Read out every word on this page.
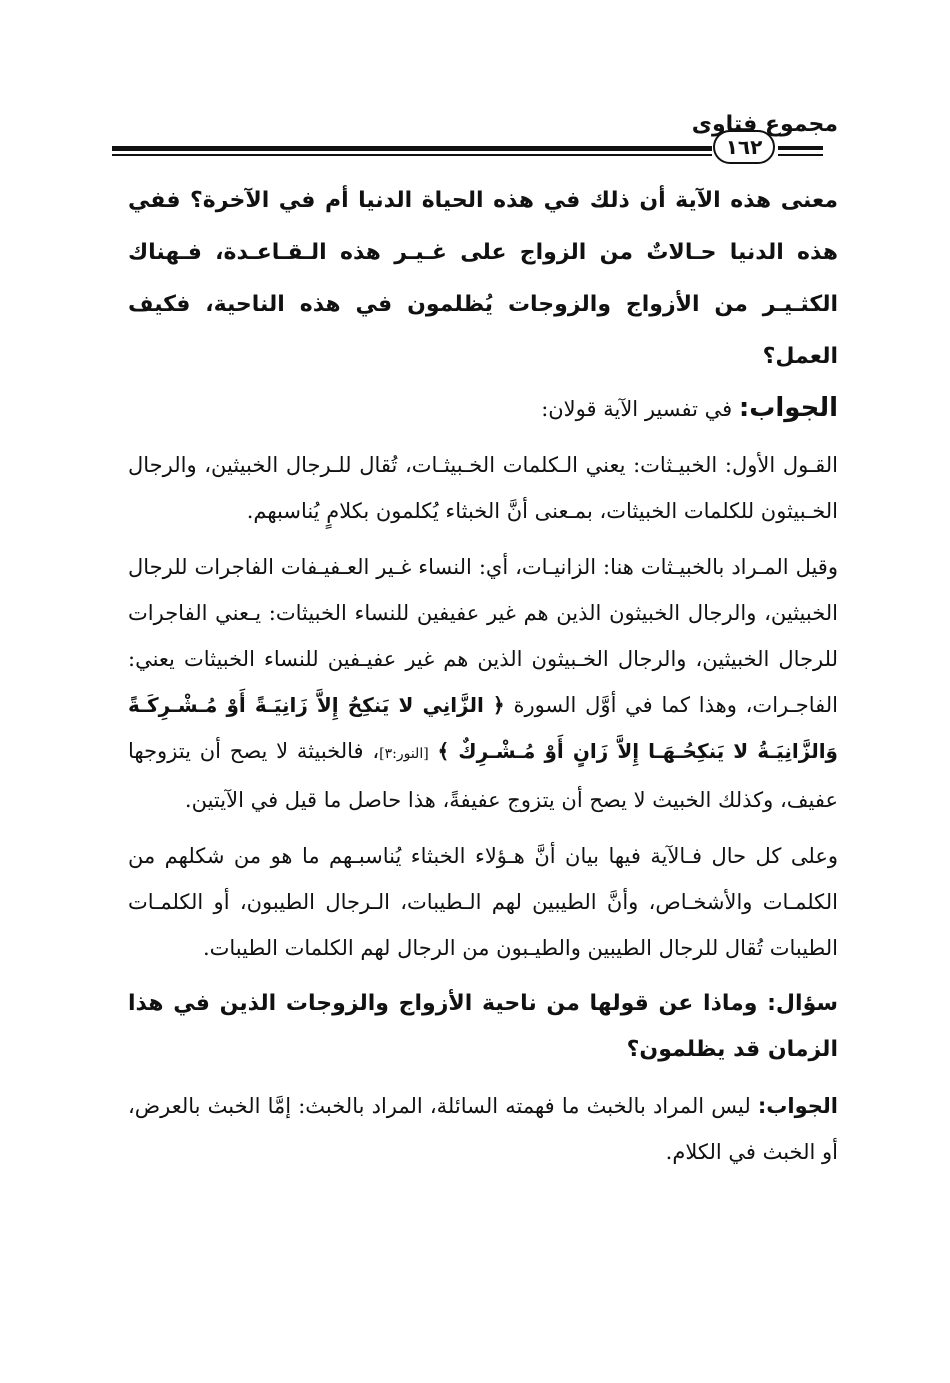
مجموع فتاوى
١٦٢

معنى هذه الآية أن ذلك في هذه الحياة الدنيا أم في الآخرة؟ ففي هذه الدنيا حـالاتٌ من الزواج على غـيـر هذه الـقـاعـدة، فـهناك الكثـيـر من الأزواج والزوجات يُظلمون في هذه الناحية، فكيف العمل؟

الجواب: في تفسير الآية قولان:

القـول الأول: الخبيـثات: يعني الـكلمات الخـبيثـات، تُقال للـرجال الخبيثين، والرجال الخـبيثون للكلمات الخبيثات، بمـعنى أنَّ الخبثاء يُكلمون بكلامٍ يُناسبهم.

وقيل المـراد بالخبيـثات هنا: الزانيـات، أي: النساء غـير العـفيـفات الفاجرات للرجال الخبيثين، والرجال الخبيثون الذين هم غير عفيفين للنساء الخبيثات: يـعني الفاجرات للرجال الخبيثين، والرجال الخـبيثون الذين هم غير عفيـفين للنساء الخبيثات يعني: الفاجـرات، وهذا كما في أوَّل السورة ﴿ الزَّانِي لا يَنكِحُ إِلاَّ زَانِيَـةً أَوْ مُـشْـرِكَـةً وَالزَّانِيَـةُ لا يَنكِحُـهَـا إِلاَّ زَانٍ أَوْ مُـشْـرِكٌ ﴾ [النور:٣]، فالخبيثة لا يصح أن يتزوجها عفيف، وكذلك الخبيث لا يصح أن يتزوج عفيفةً، هذا حاصل ما قيل في الآيتين.

وعلى كل حال فـالآية فيها بيان أنَّ هـؤلاء الخبثاء يُناسبـهم ما هو من شكلهم من الكلمـات والأشخـاص، وأنَّ الطيبين لهم الـطيبات، الـرجال الطيبون، أو الكلمـات الطيبات تُقال للرجال الطيبين والطيـبون من الرجال لهم الكلمات الطيبات.

سؤال: وماذا عن قولها من ناحية الأزواج والزوجات الذين في هذا الزمان قد يظلمون؟

الجواب: ليس المراد بالخبث ما فهمته السائلة، المراد بالخبث: إمَّا الخبث بالعرض، أو الخبث في الكلام.
